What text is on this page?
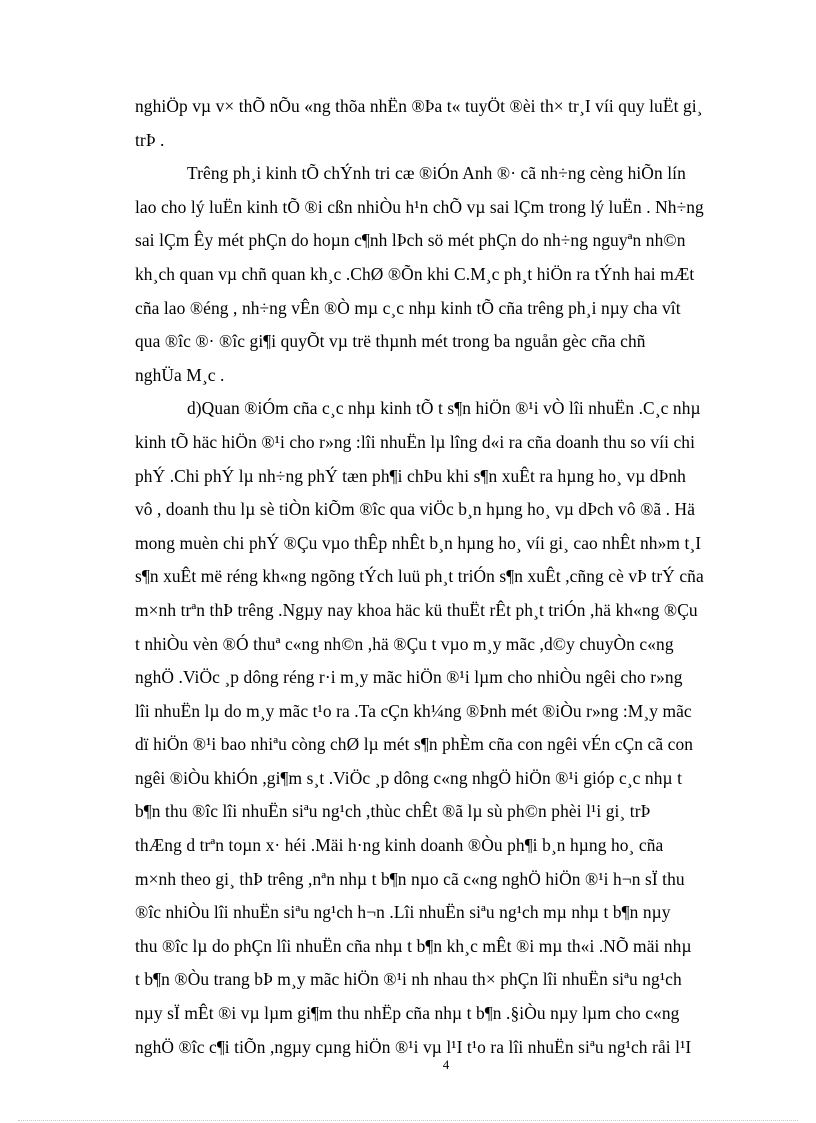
nghiÖp vµ v× thÕ nÕu «ng thõa nhËn ®Þa t« tuyÖt ®èi th× tr¸I víi quy luËt gi¸
trÞ .
Trêng ph¸i kinh tÕ chÝnh tri cæ ®iÓn Anh ®· cã nh÷ng cèng hiÕn lín
lao cho lý luËn kinh tÕ ®i cßn nhiÒu h¹n chÕ vµ sai lÇm trong lý luËn . Nh÷ng
sai lÇm Êy mét phÇn do hoµn c¶nh lÞch sö mét phÇn do nh÷ng nguyªn nh©n
kh¸ch quan vµ chñ quan kh¸c .ChØ ®Õn khi C.M¸c ph¸t hiÖn ra tÝnh hai mÆt
cña lao ®éng , nh÷ng vÊn ®Ò mµ c¸c nhµ kinh tÕ cña trêng ph¸i nµy cha vît
qua ®îc ®· ®îc gi¶i quyÕt vµ trë thµnh mét trong ba nguån gèc cña chñ
nghÜa M¸c .
d)Quan ®iÓm cña c¸c nhµ kinh tÕ t s¶n hiÖn ®¹i vÒ lîi nhuËn .C¸c nhµ
kinh tÕ häc hiÖn ®¹i cho r»ng :lîi nhuËn lµ lîng d«i ra cña doanh thu so víi chi
phÝ .Chi phÝ lµ nh÷ng phÝ tæn ph¶i chÞu khi s¶n xuÊt ra hµng ho¸ vµ dÞnh
vô , doanh thu lµ sè tiÒn kiÕm ®îc qua viÖc b¸n hµng ho¸ vµ dÞch vô ®ã . Hä
mong muèn chi phÝ ®Çu vµo thÊp nhÊt b¸n hµng ho¸ víi gi¸ cao nhÊt nh»m t¸I
s¶n xuÊt më réng kh«ng ngõng tÝch luü ph¸t triÓn s¶n xuÊt ,cñng cè vÞ trÝ cña
m×nh trªn thÞ trêng .Ngµy nay khoa häc kü thuËt rÊt ph¸t triÓn ,hä kh«ng ®Çu
t nhiÒu vèn ®Ó thuª c«ng nh©n ,hä ®Çu t vµo m¸y mãc ,d©y chuyÒn c«ng
nghÖ .ViÖc ¸p dông réng r·i m¸y mãc hiÖn ®¹i lµm cho nhiÒu ngêi cho r»ng
lîi nhuËn lµ do m¸y mãc t¹o ra .Ta cÇn kh¼ng ®Þnh mét ®iÒu r»ng :M¸y mãc
dï hiÖn ®¹i bao nhiªu còng chØ lµ mét s¶n phÈm cña con ngêi vÉn cÇn cã con
ngêi ®iÒu khiÓn ,gi¶m s¸t .ViÖc ¸p dông c«ng nhgÖ hiÖn ®¹i gióp c¸c nhµ t
b¶n thu ®îc lîi nhuËn siªu ng¹ch ,thùc chÊt ®ã lµ sù ph©n phèi l¹i gi¸ trÞ
thÆng d trªn toµn x· héi .Mäi h·ng kinh doanh ®Òu ph¶i b¸n hµng ho¸ cña
m×nh theo gi¸ thÞ trêng ,nªn nhµ t b¶n nµo cã c«ng nghÖ hiÖn ®¹i h¬n sÏ thu
®îc nhiÒu lîi nhuËn siªu ng¹ch h¬n .Lîi nhuËn siªu ng¹ch mµ nhµ t b¶n nµy
thu ®îc lµ do phÇn lîi nhuËn cña nhµ t b¶n kh¸c mÊt ®i mµ th«i .NÕ mäi nhµ
t b¶n ®Òu trang bÞ m¸y mãc hiÖn ®¹i nh nhau th× phÇn lîi nhuËn siªu ng¹ch
nµy sÏ mÊt ®i vµ lµm gi¶m thu nhËp cña nhµ t b¶n .§iÒu nµy lµm cho c«ng
nghÖ ®îc c¶i tiÕn ,ngµy cµng hiÖn ®¹i vµ l¹I t¹o ra lîi nhuËn siªu ng¹ch råi l¹I
4
